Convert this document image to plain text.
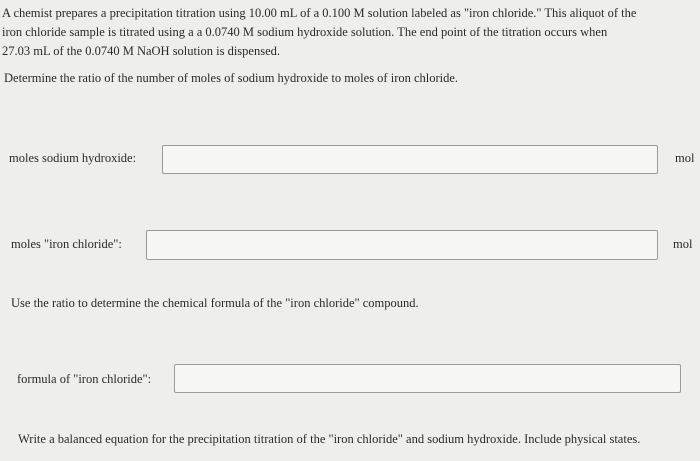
A chemist prepares a precipitation titration using 10.00 mL of a 0.100 M solution labeled as "iron chloride." This aliquot of the
iron chloride sample is titrated using a a 0.0740 M sodium hydroxide solution. The end point of the titration occurs when
27.03 mL of the 0.0740 M NaOH solution is dispensed.

Determine the ratio of the number of moles of sodium hydroxide to moles of iron chloride.

moles sodium hydroxide:	mol
moles "iron chloride":	mol
Use the ratio to determine the chemical formula of the "iron chloride" compound.
formula of "iron chloride":
Write a balanced equation for the precipitation titration of the "iron chloride" and sodium hydroxide. Include physical states.
